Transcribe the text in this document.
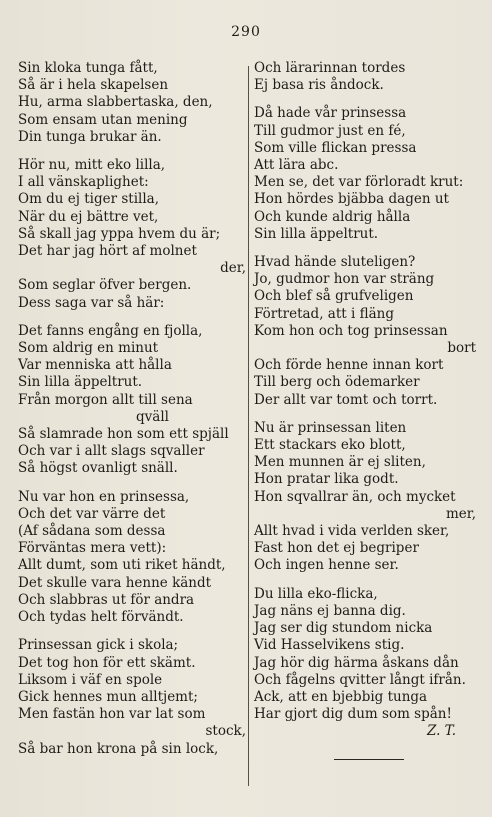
290
Sin kloka tunga fått,
Så är i hela skapelsen
Hu, arma slabbertaska, den,
Som ensam utan mening
Din tunga brukar än.
Hör nu, mitt eko lilla,
I all vänskaplighet:
Om du ej tiger stilla,
När du ej bättre vet,
Så skall jag yppa hvem du är;
Det har jag hört af molnet
der,
Som seglar öfver bergen.
Dess saga var så här:
Det fanns engång en fjolla,
Som aldrig en minut
Var menniska att hålla
Sin lilla äppeltrut.
Från morgon allt till sena
qväll
Så slamrade hon som ett spjäll
Och var i allt slags sqvaller
Så högst ovanligt snäll.
Nu var hon en prinsessa,
Och det var värre det
(Af sådana som dessa
Förväntas mera vett):
Allt dumt, som uti riket händt,
Det skulle vara henne kändt
Och slabbras ut för andra
Och tydas helt förvändt.
Prinsessan gick i skola;
Det tog hon för ett skämt.
Liksom i väf en spole
Gick hennes mun alltjemt;
Men fastän hon var lat som
stock,
Så bar hon krona på sin lock,
Och lärarinnan tordes
Ej basa ris åndock.
Då hade vår prinsessa
Till gudmor just en fé,
Som ville flickan pressa
Att lära abc.
Men se, det var förloradt krut:
Hon hördes bjäbba dagen ut
Och kunde aldrig hålla
Sin lilla äppeltrut.
Hvad hände sluteligen?
Jo, gudmor hon var sträng
Och blef så grufveligen
Förtretad, att i fläng
Kom hon och tog prinsessan
bort
Och förde henne innan kort
Till berg och ödemarker
Der allt var tomt och torrt.
Nu är prinsessan liten
Ett stackars eko blott,
Men munnen är ej sliten,
Hon pratar lika godt.
Hon sqvallrar än, och mycket
mer,
Allt hvad i vida verlden sker,
Fast hon det ej begriper
Och ingen henne ser.
Du lilla eko-flicka,
Jag näns ej banna dig.
Jag ser dig stundom nicka
Vid Hasselvikens stig.
Jag hör dig härma åskans dån
Och fågelns qvitter långt ifrån.
Ack, att en bjebbig tunga
Har gjort dig dum som spån!
Z. T.
